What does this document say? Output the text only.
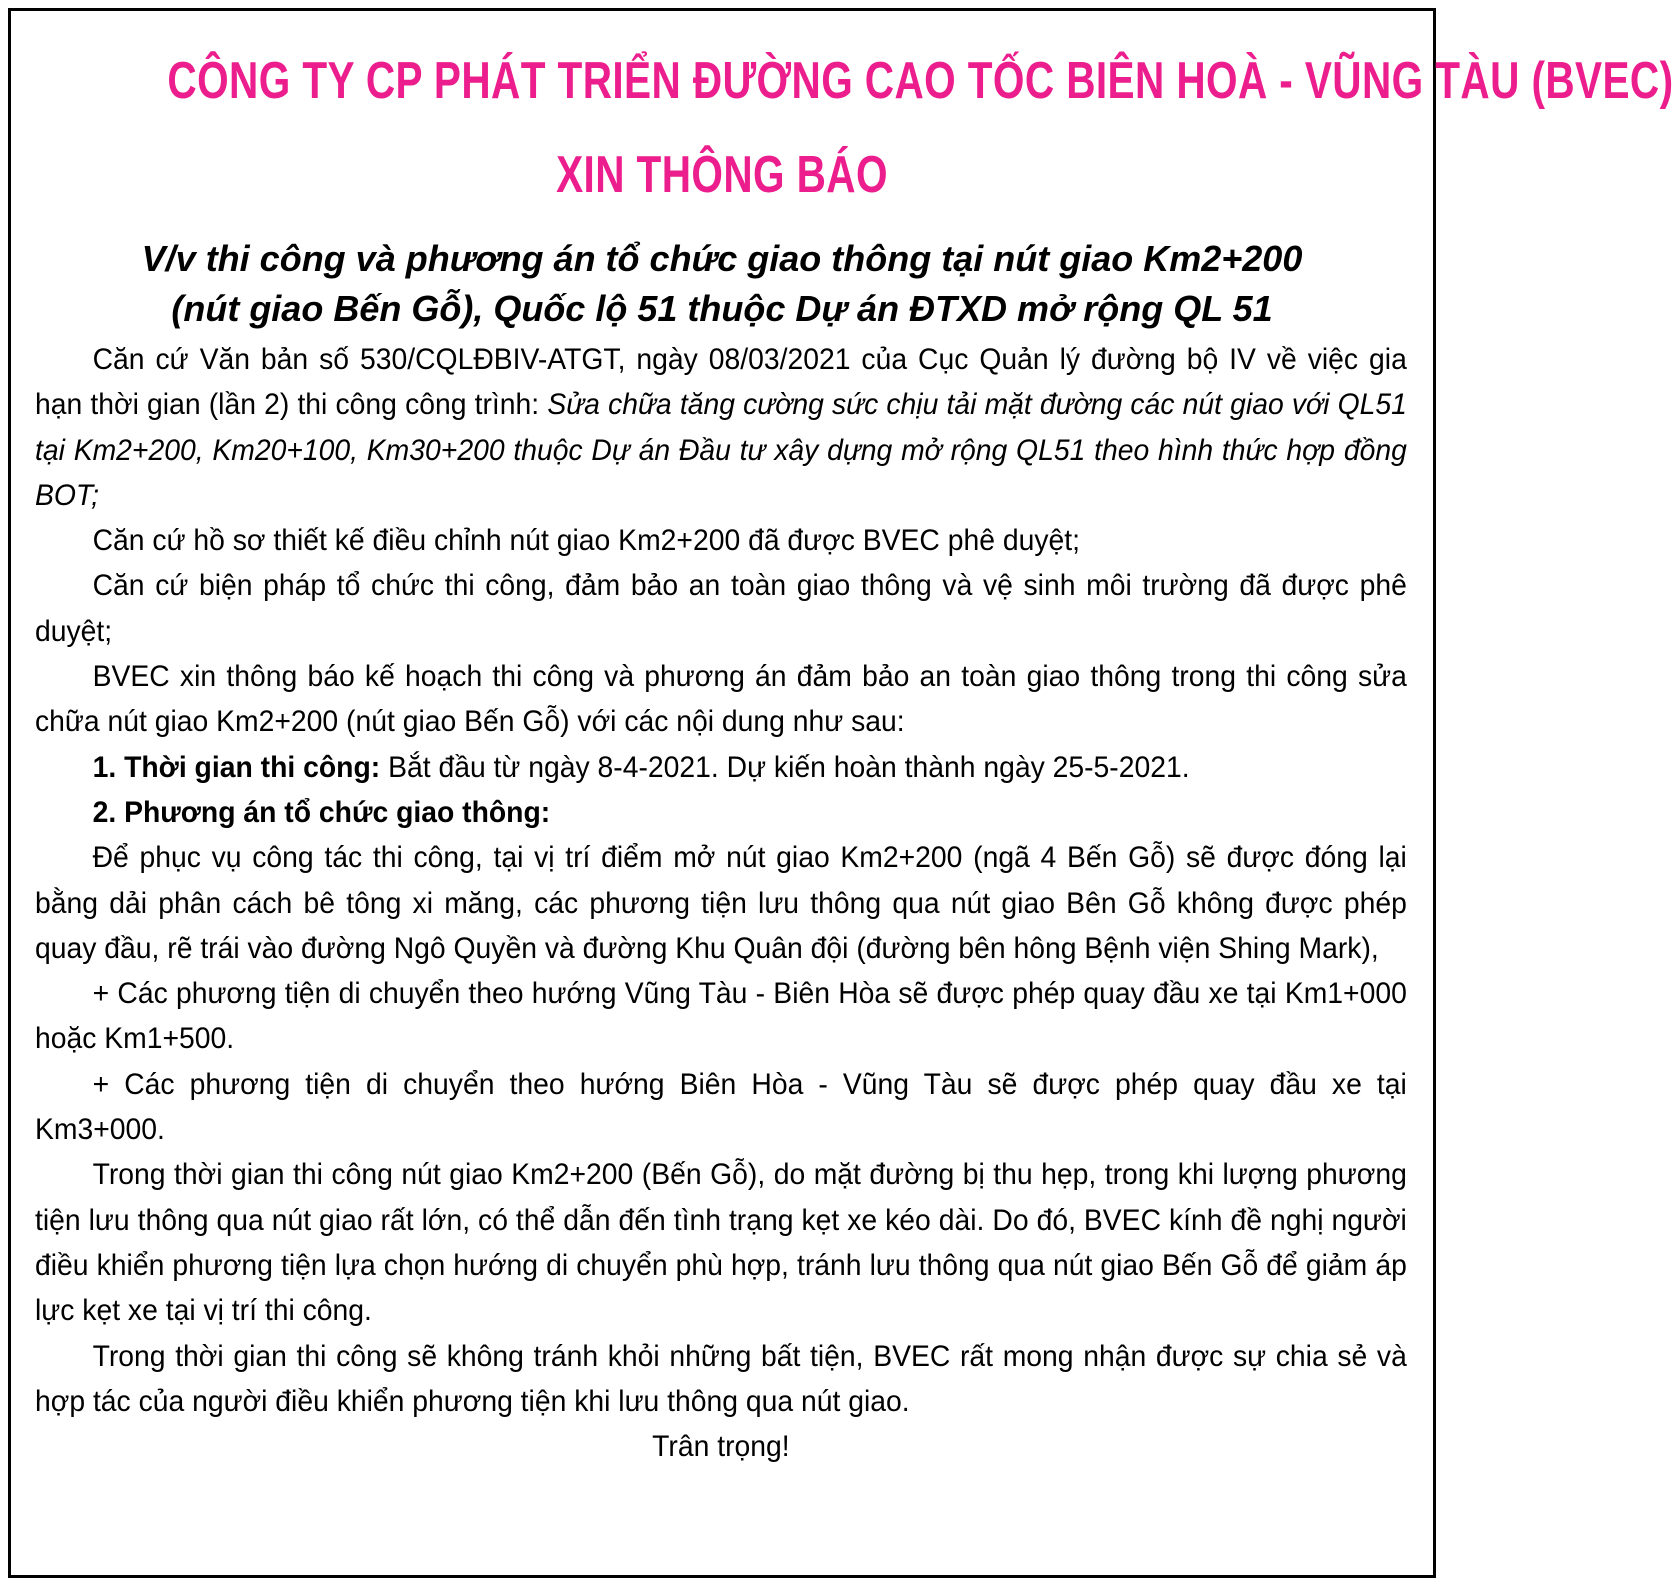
CÔNG TY CP PHÁT TRIỂN ĐƯỜNG CAO TỐC BIÊN HOÀ - VŨNG TÀU (BVEC)
XIN THÔNG BÁO
V/v thi công và phương án tổ chức giao thông tại nút giao Km2+200
(nút giao Bến Gỗ), Quốc lộ 51 thuộc Dự án ĐTXD mở rộng QL 51

Căn cứ Văn bản số 530/CQLĐBIV-ATGT, ngày 08/03/2021 của Cục Quản lý đường bộ IV về việc gia hạn thời gian (lần 2) thi công công trình: Sửa chữa tăng cường sức chịu tải mặt đường các nút giao với QL51 tại Km2+200, Km20+100, Km30+200 thuộc Dự án Đầu tư xây dựng mở rộng QL51 theo hình thức hợp đồng BOT;

Căn cứ hồ sơ thiết kế điều chỉnh nút giao Km2+200 đã được BVEC phê duyệt;

Căn cứ biện pháp tổ chức thi công, đảm bảo an toàn giao thông và vệ sinh môi trường đã được phê duyệt;

BVEC xin thông báo kế hoạch thi công và phương án đảm bảo an toàn giao thông trong thi công sửa chữa nút giao Km2+200 (nút giao Bến Gỗ) với các nội dung như sau:

1. Thời gian thi công: Bắt đầu từ ngày 8-4-2021. Dự kiến hoàn thành ngày 25-5-2021.

2. Phương án tổ chức giao thông:

Để phục vụ công tác thi công, tại vị trí điểm mở nút giao Km2+200 (ngã 4 Bến Gỗ) sẽ được đóng lại bằng dải phân cách bê tông xi măng, các phương tiện lưu thông qua nút giao Bên Gỗ không được phép quay đầu, rẽ trái vào đường Ngô Quyền và đường Khu Quân đội (đường bên hông Bệnh viện Shing Mark),

+ Các phương tiện di chuyển theo hướng Vũng Tàu - Biên Hòa sẽ được phép quay đầu xe tại Km1+000 hoặc Km1+500.

+ Các phương tiện di chuyển theo hướng Biên Hòa - Vũng Tàu sẽ được phép quay đầu xe tại Km3+000.

Trong thời gian thi công nút giao Km2+200 (Bến Gỗ), do mặt đường bị thu hẹp, trong khi lượng phương tiện lưu thông qua nút giao rất lớn, có thể dẫn đến tình trạng kẹt xe kéo dài. Do đó, BVEC kính đề nghị người điều khiển phương tiện lựa chọn hướng di chuyển phù hợp, tránh lưu thông qua nút giao Bến Gỗ để giảm áp lực kẹt xe tại vị trí thi công.

Trong thời gian thi công sẽ không tránh khỏi những bất tiện, BVEC rất mong nhận được sự chia sẻ và hợp tác của người điều khiển phương tiện khi lưu thông qua nút giao.

Trân trọng!
